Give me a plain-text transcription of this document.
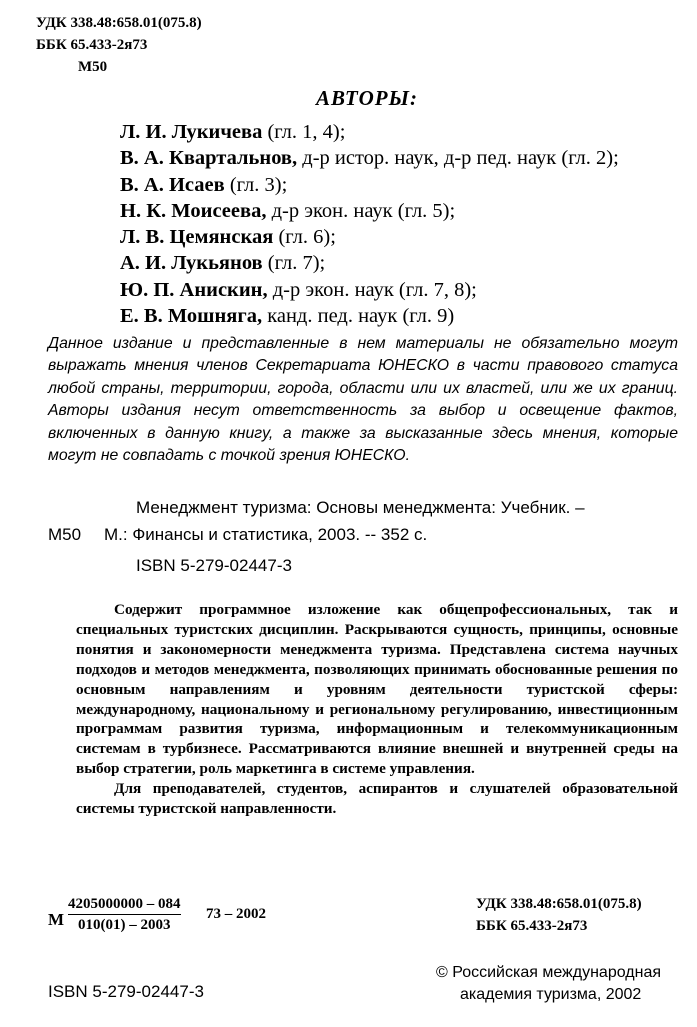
УДК 338.48:658.01(075.8)
ББК 65.433-2я73
М50
АВТОРЫ:
Л. И. Лукичева (гл. 1, 4);
В. А. Квартальнов, д-р истор. наук, д-р пед. наук (гл. 2);
В. А. Исаев (гл. 3);
Н. К. Моисеева, д-р экон. наук (гл. 5);
Л. В. Цемянская (гл. 6);
А. И. Лукьянов (гл. 7);
Ю. П. Анискин, д-р экон. наук (гл. 7, 8);
Е. В. Мошняга, канд. пед. наук (гл. 9)
Данное издание и представленные в нем материалы не обязательно могут выражать мнения членов Секретариата ЮНЕСКО в части правового статуса любой страны, территории, города, области или их властей, или же их границ. Авторы издания несут ответственность за выбор и освещение фактов, включенных в данную книгу, а также за высказанные здесь мнения, которые могут не совпадать с точкой зрения ЮНЕСКО.
Менеджмент туризма: Основы менеджмента: Учебник. –
М50 М.: Финансы и статистика, 2003. -- 352 с.
ISBN 5-279-02447-3

Содержит программное изложение как общепрофессиональных, так и специальных туристских дисциплин. Раскрываются сущность, принципы, основные понятия и закономерности менеджмента туризма. Представлена система научных подходов и методов менеджмента, позволяющих принимать обоснованные решения по основным направлениям и уровням деятельности туристской сферы: международному, национальному и региональному регулированию, инвестиционным программам развития туризма, информационным и телекоммуникационным системам в турбизнесе. Рассматриваются влияние внешней и внутренней среды на выбор стратегии, роль маркетинга в системе управления.

Для преподавателей, студентов, аспирантов и слушателей образовательной системы туристской направленности.

М $\frac{4205000000 - 084}{010(01) - 2003} 73 - 2002$
УДК 338.48:658.01(075.8)
ББК 65.433-2я73
ISBN 5-279-02447-3
© Российская международная
академия туризма, 2002
